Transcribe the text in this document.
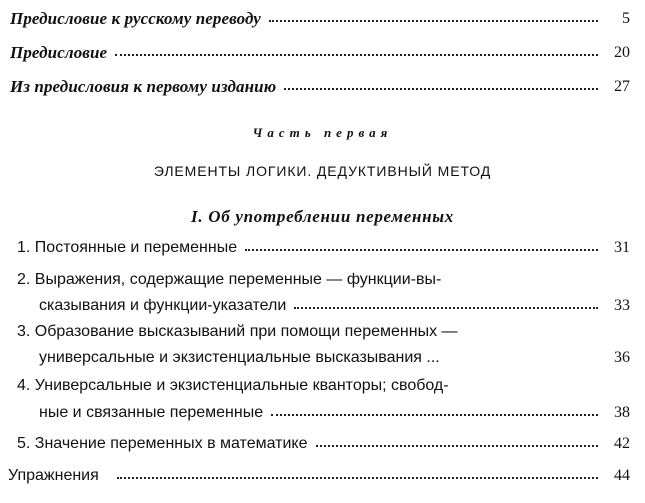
Предисловие к русскому переводу	5
Предисловие	20
Из предисловия к первому изданию	27
Часть первая
ЭЛЕМЕНТЫ ЛОГИКИ. ДЕДУКТИВНЫЙ МЕТОД
I. Об употреблении переменных
1. Постоянные и переменные	31
2. Выражения, содержащие переменные — функции-вы-
сказывания и функции-указатели	33
3. Образование высказываний при помощи переменных —
универсальные и экзистенциальные высказывания ...	36
4. Универсальные и экзистенциальные кванторы; свобод-
ные и связанные переменные	38
5. Значение переменных в математике	42
Упражнения	44
